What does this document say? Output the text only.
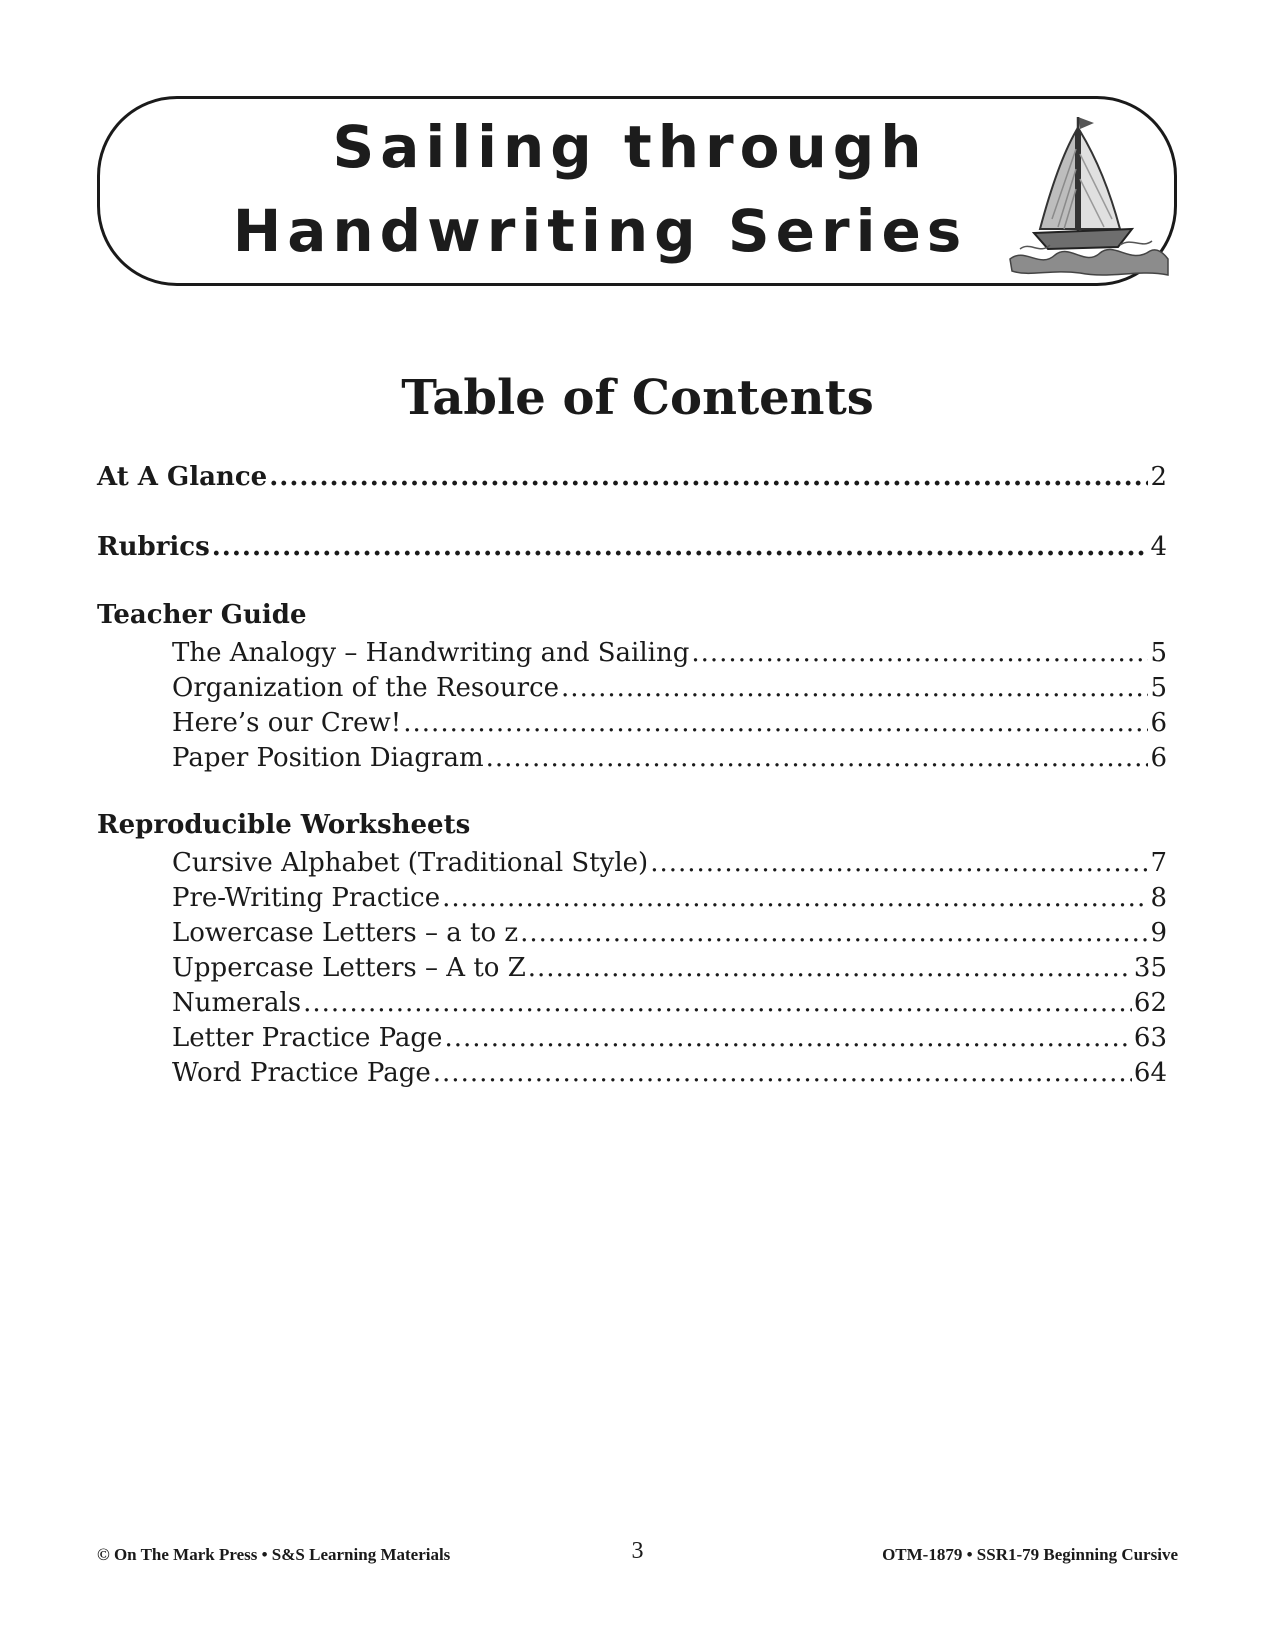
Sailing through
Handwriting Series
Table of Contents
At A Glance .....	2
Rubrics .....	4
Teacher Guide
The Analogy – Handwriting and Sailing .....	5
Organization of the Resource .....	5
Here’s our Crew! .....	6
Paper Position Diagram .....	6
Reproducible Worksheets
Cursive Alphabet (Traditional Style) .....	7
Pre-Writing Practice .....	8
Lowercase Letters – a to z .....	9
Uppercase Letters – A to Z .....	35
Numerals .....	62
Letter Practice Page .....	63
Word Practice Page .....	64
© On The Mark Press • S&S Learning Materials	3	OTM-1879 • SSR1-79 Beginning Cursive
